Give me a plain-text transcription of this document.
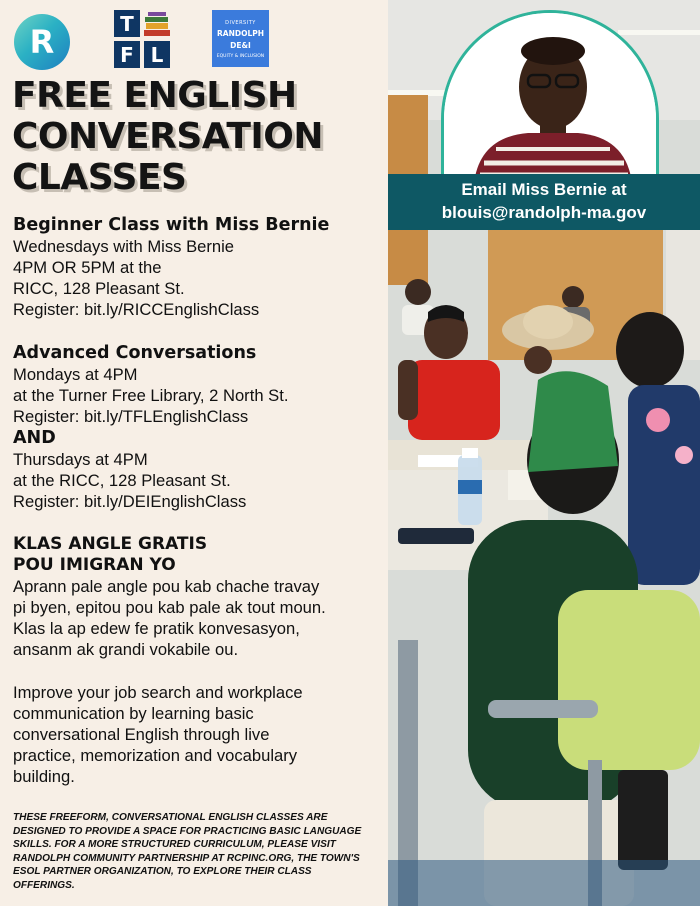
R	T
F L
DIVERSITY
RANDOLPH
DE&I
EQUITY & INCLUSION
FREE ENGLISH
CONVERSATION
CLASSES
Beginner Class with Miss Bernie
Wednesdays with Miss Bernie
4PM OR 5PM at the
RICC, 128 Pleasant St.
Register: bit.ly/RICCEnglishClass
Advanced Conversations
Mondays at 4PM
at the Turner Free Library, 2 North St.
Register: bit.ly/TFLEnglishClass
AND
Thursdays at 4PM
at the RICC, 128 Pleasant St.
Register: bit.ly/DEIEnglishClass
KLAS ANGLE GRATIS
POU IMIGRAN YO
Aprann pale angle pou kab chache travay
pi byen, epitou pou kab pale ak tout moun.
Klas la ap edew fe pratik konvesasyon,
ansanm ak grandi vokabile ou.
Improve your job search and workplace
communication by learning basic
conversational English through live
practice, memorization and vocabulary
building.
THESE FREEFORM, CONVERSATIONAL ENGLISH CLASSES ARE DESIGNED TO PROVIDE A SPACE FOR PRACTICING BASIC LANGUAGE SKILLS. FOR A MORE STRUCTURED CURRICULUM, PLEASE VISIT RANDOLPH COMMUNITY PARTNERSHIP AT RCPINC.ORG, THE TOWN'S ESOL PARTNER ORGANIZATION, TO EXPLORE THEIR CLASS OFFERINGS.
Email Miss Bernie at
blouis@randolph-ma.gov
